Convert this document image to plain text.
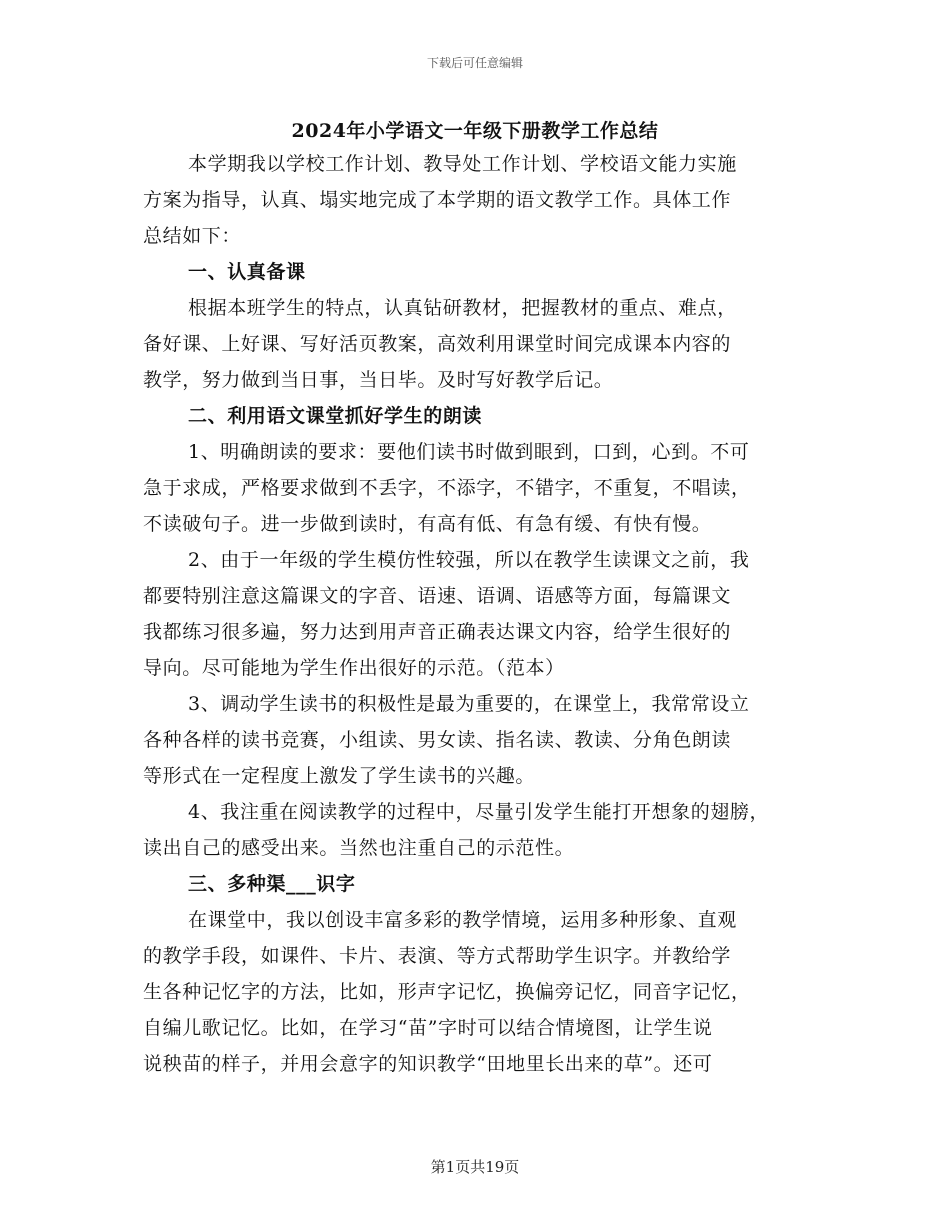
下载后可任意编辑
2024年小学语文一年级下册教学工作总结
本学期我以学校工作计划、教导处工作计划、学校语文能力实施
方案为指导，认真、塌实地完成了本学期的语文教学工作。具体工作
总结如下：
一、认真备课
根据本班学生的特点，认真钻研教材，把握教材的重点、难点，
备好课、上好课、写好活页教案，高效利用课堂时间完成课本内容的
教学，努力做到当日事，当日毕。及时写好教学后记。
二、利用语文课堂抓好学生的朗读
1、明确朗读的要求：要他们读书时做到眼到，口到，心到。不可
急于求成，严格要求做到不丢字，不添字，不错字，不重复，不唱读，
不读破句子。进一步做到读时，有高有低、有急有缓、有快有慢。
2、由于一年级的学生模仿性较强，所以在教学生读课文之前，我
都要特别注意这篇课文的字音、语速、语调、语感等方面，每篇课文
我都练习很多遍，努力达到用声音正确表达课文内容，给学生很好的
导向。尽可能地为学生作出很好的示范。（范本）
3、调动学生读书的积极性是最为重要的，在课堂上，我常常设立
各种各样的读书竞赛，小组读、男女读、指名读、教读、分角色朗读
等形式在一定程度上激发了学生读书的兴趣。
4、我注重在阅读教学的过程中，尽量引发学生能打开想象的翅膀，
读出自己的感受出来。当然也注重自己的示范性。
三、多种渠___识字
在课堂中，我以创设丰富多彩的教学情境，运用多种形象、直观
的教学手段，如课件、卡片、表演、等方式帮助学生识字。并教给学
生各种记忆字的方法，比如，形声字记忆，换偏旁记忆，同音字记忆，
自编儿歌记忆。比如，在学习“苗”字时可以结合情境图，让学生说
说秧苗的样子，并用会意字的知识教学“田地里长出来的草”。还可
第1页共19页
